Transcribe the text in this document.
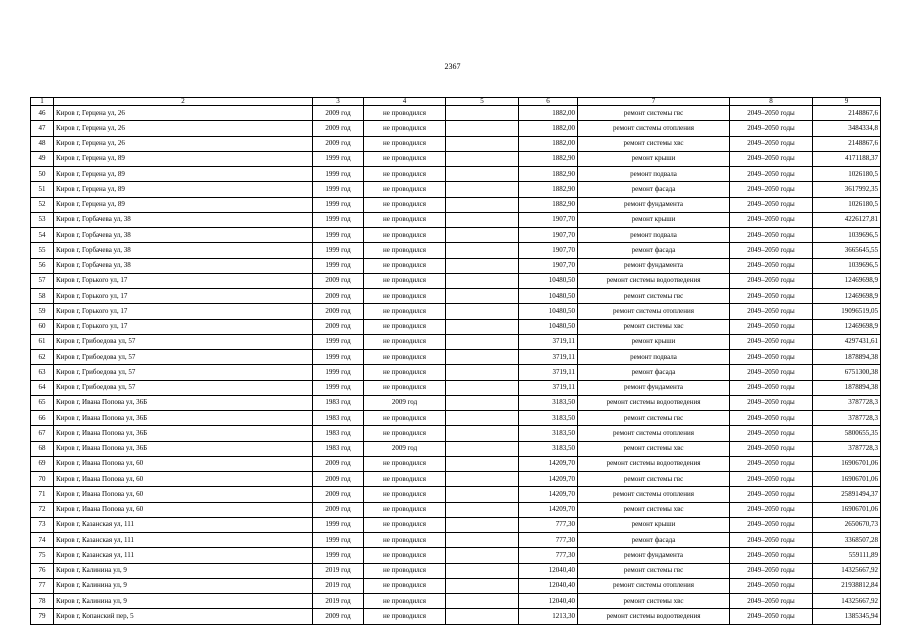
2367
1	2	3	4	5	6	7	8	9
46	Киров г, Герцена ул, 26	2009 год	не проводился		1882,00	ремонт системы гвс	2049–2050 годы	2148867,6
47	Киров г, Герцена ул, 26	2009 год	не проводился		1882,00	ремонт системы отопления	2049–2050 годы	3484334,8
48	Киров г, Герцена ул, 26	2009 год	не проводился		1882,00	ремонт системы хвс	2049–2050 годы	2148867,6
49	Киров г, Герцена ул, 89	1999 год	не проводился		1882,90	ремонт крыши	2049–2050 годы	4171188,37
50	Киров г, Герцена ул, 89	1999 год	не проводился		1882,90	ремонт подвала	2049–2050 годы	1026180,5
51	Киров г, Герцена ул, 89	1999 год	не проводился		1882,90	ремонт фасада	2049–2050 годы	3617992,35
52	Киров г, Герцена ул, 89	1999 год	не проводился		1882,90	ремонт фундамента	2049–2050 годы	1026180,5
53	Киров г, Горбачева ул, 38	1999 год	не проводился		1907,70	ремонт крыши	2049–2050 годы	4226127,81
54	Киров г, Горбачева ул, 38	1999 год	не проводился		1907,70	ремонт подвала	2049–2050 годы	1039696,5
55	Киров г, Горбачева ул, 38	1999 год	не проводился		1907,70	ремонт фасада	2049–2050 годы	3665645,55
56	Киров г, Горбачева ул, 38	1999 год	не проводился		1907,70	ремонт фундамента	2049–2050 годы	1039696,5
57	Киров г, Горького ул, 17	2009 год	не проводился		10480,50	ремонт системы водоотведения	2049–2050 годы	12469698,9
58	Киров г, Горького ул, 17	2009 год	не проводился		10480,50	ремонт системы гвс	2049–2050 годы	12469698,9
59	Киров г, Горького ул, 17	2009 год	не проводился		10480,50	ремонт системы отопления	2049–2050 годы	19096519,05
60	Киров г, Горького ул, 17	2009 год	не проводился		10480,50	ремонт системы хвс	2049–2050 годы	12469698,9
61	Киров г, Грибоедова ул, 57	1999 год	не проводился		3719,11	ремонт крыши	2049–2050 годы	4297431,61
62	Киров г, Грибоедова ул, 57	1999 год	не проводился		3719,11	ремонт подвала	2049–2050 годы	1878894,38
63	Киров г, Грибоедова ул, 57	1999 год	не проводился		3719,11	ремонт фасада	2049–2050 годы	6751300,38
64	Киров г, Грибоедова ул, 57	1999 год	не проводился		3719,11	ремонт фундамента	2049–2050 годы	1878894,38
65	Киров г, Ивана Попова ул, 36Б	1983 год	2009 год		3183,50	ремонт системы водоотведения	2049–2050 годы	3787728,3
66	Киров г, Ивана Попова ул, 36Б	1983 год	не проводился		3183,50	ремонт системы гвс	2049–2050 годы	3787728,3
67	Киров г, Ивана Попова ул, 36Б	1983 год	не проводился		3183,50	ремонт системы отопления	2049–2050 годы	5800655,35
68	Киров г, Ивана Попова ул, 36Б	1983 год	2009 год		3183,50	ремонт системы хвс	2049–2050 годы	3787728,3
69	Киров г, Ивана Попова ул, 60	2009 год	не проводился		14209,70	ремонт системы водоотведения	2049–2050 годы	16906701,06
70	Киров г, Ивана Попова ул, 60	2009 год	не проводился		14209,70	ремонт системы гвс	2049–2050 годы	16906701,06
71	Киров г, Ивана Попова ул, 60	2009 год	не проводился		14209,70	ремонт системы отопления	2049–2050 годы	25891494,37
72	Киров г, Ивана Попова ул, 60	2009 год	не проводился		14209,70	ремонт системы хвс	2049–2050 годы	16906701,06
73	Киров г, Казанская ул, 111	1999 год	не проводился		777,30	ремонт крыши	2049–2050 годы	2650670,73
74	Киров г, Казанская ул, 111	1999 год	не проводился		777,30	ремонт фасада	2049–2050 годы	3368507,28
75	Киров г, Казанская ул, 111	1999 год	не проводился		777,30	ремонт фундамента	2049–2050 годы	559111,89
76	Киров г, Калинина ул, 9	2019 год	не проводился		12040,40	ремонт системы гвс	2049–2050 годы	14325667,92
77	Киров г, Калинина ул, 9	2019 год	не проводился		12040,40	ремонт системы отопления	2049–2050 годы	21938812,84
78	Киров г, Калинина ул, 9	2019 год	не проводился		12040,40	ремонт системы хвс	2049–2050 годы	14325667,92
79	Киров г, Копанский пер, 5	2009 год	не проводился		1213,30	ремонт системы водоотведения	2049–2050 годы	1385345,94
